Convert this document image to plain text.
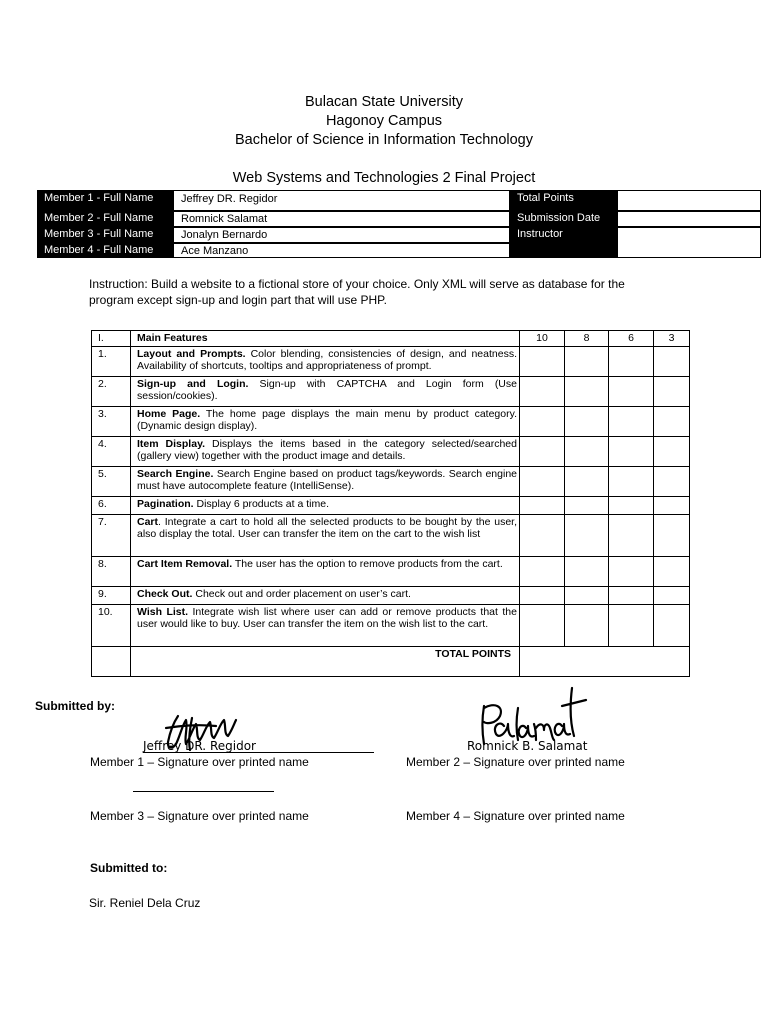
Bulacan State University
Hagonoy Campus
Bachelor of Science in Information Technology
Web Systems and Technologies 2 Final Project
Member 1 - Full Name	Jeffrey DR. Regidor	Total Points
Member 2 - Full Name	Romnick Salamat	Submission Date
Member 3 - Full Name	Jonalyn Bernardo	Instructor
Member 4 - Full Name	Ace Manzano
Instruction: Build a website to a fictional store of your choice. Only XML will serve as database for the program except sign-up and login part that will use PHP.
I.	Main Features	10	8	6	3
1.	Layout and Prompts. Color blending, consistencies of design, and neatness. Availability of shortcuts, tooltips and appropriateness of prompt.				
2.	Sign-up and Login. Sign-up with CAPTCHA and Login form (Use session/cookies).				
3.	Home Page. The home page displays the main menu by product category. (Dynamic design display).				
4.	Item Display. Displays the items based in the category selected/searched (gallery view) together with the product image and details.				
5.	Search Engine. Search Engine based on product tags/keywords. Search engine must have autocomplete feature (IntelliSense).				
6.	Pagination. Display 6 products at a time.				
7.	Cart. Integrate a cart to hold all the selected products to be bought by the user, also display the total. User can transfer the item on the cart to the wish list				
8.	Cart Item Removal. The user has the option to remove products from the cart.				
9.	Check Out. Check out and order placement on user’s cart.				
10.	Wish List. Integrate wish list where user can add or remove products that the user would like to buy. User can transfer the item on the wish list to the cart.				
	TOTAL POINTS				
Submitted by:
Jeffrey DR. Regidor
Member 1 – Signature over printed name
Romnick B. Salamat
Member 2 – Signature over printed name
Member 3 – Signature over printed name	Member 4 – Signature over printed name
Submitted to:
Sir. Reniel Dela Cruz
